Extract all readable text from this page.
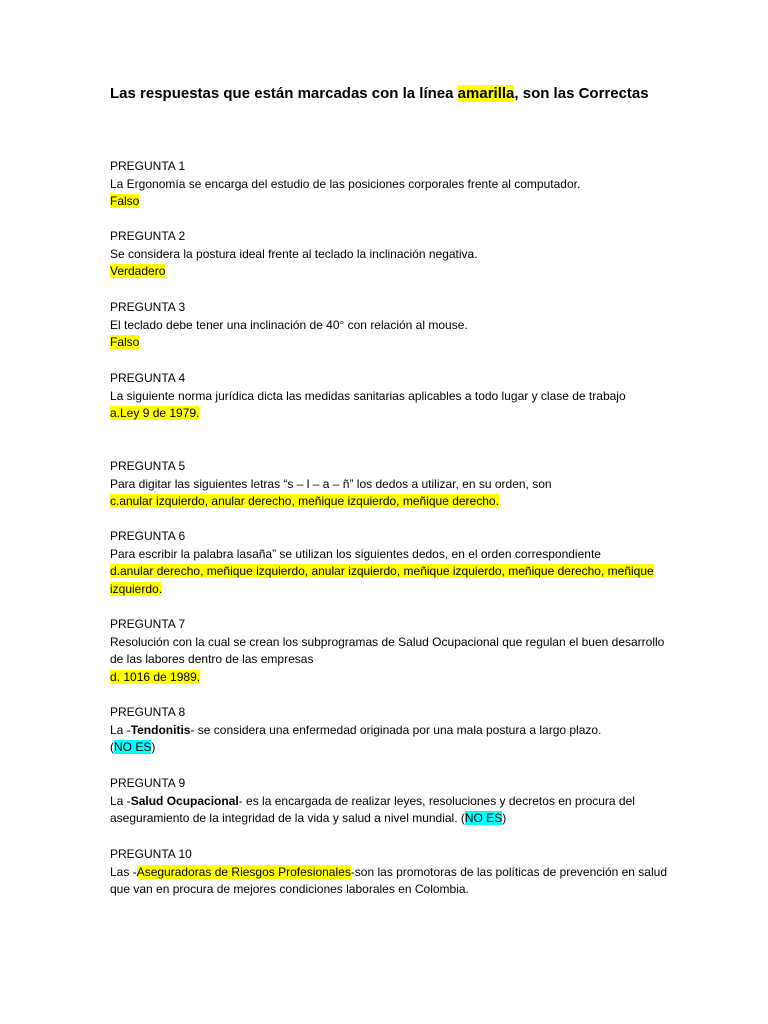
Las respuestas que están marcadas con la línea amarilla, son las Correctas
PREGUNTA 1
La Ergonomía se encarga del estudio de las posiciones corporales frente al computador.
Falso
PREGUNTA 2
Se considera la postura ideal frente al teclado la inclinación negativa.
Verdadero
PREGUNTA 3
El teclado debe tener una inclinación de 40° con relación al mouse.
Falso
PREGUNTA 4
La siguiente norma jurídica dicta las medidas sanitarias aplicables a todo lugar y clase de trabajo
a.Ley 9 de 1979.
PREGUNTA 5
Para digitar las siguientes letras “s – l – a – ñ” los dedos a utilizar, en su orden, son
c.anular izquierdo, anular derecho, meñique izquierdo, meñique derecho.
PREGUNTA 6
Para escribir la palabra lasaña” se utilizan los siguientes dedos, en el orden correspondiente
d.anular derecho, meñique izquierdo, anular izquierdo, meñique izquierdo, meñique derecho, meñique izquierdo.
PREGUNTA 7
Resolución con la cual se crean los subprogramas de Salud Ocupacional que regulan el buen desarrollo de las labores dentro de las empresas
d. 1016 de 1989.
PREGUNTA 8
La -Tendonitis- se considera una enfermedad originada por una mala postura a largo plazo.
(NO ES)
PREGUNTA 9
La -Salud Ocupacional- es la encargada de realizar leyes, resoluciones y decretos en procura del aseguramiento de la integridad de la vida y salud a nivel mundial. (NO ES)
PREGUNTA 10
Las -Aseguradoras de Riesgos Profesionales-son las promotoras de las políticas de prevención en salud que van en procura de mejores condiciones laborales en Colombia.
